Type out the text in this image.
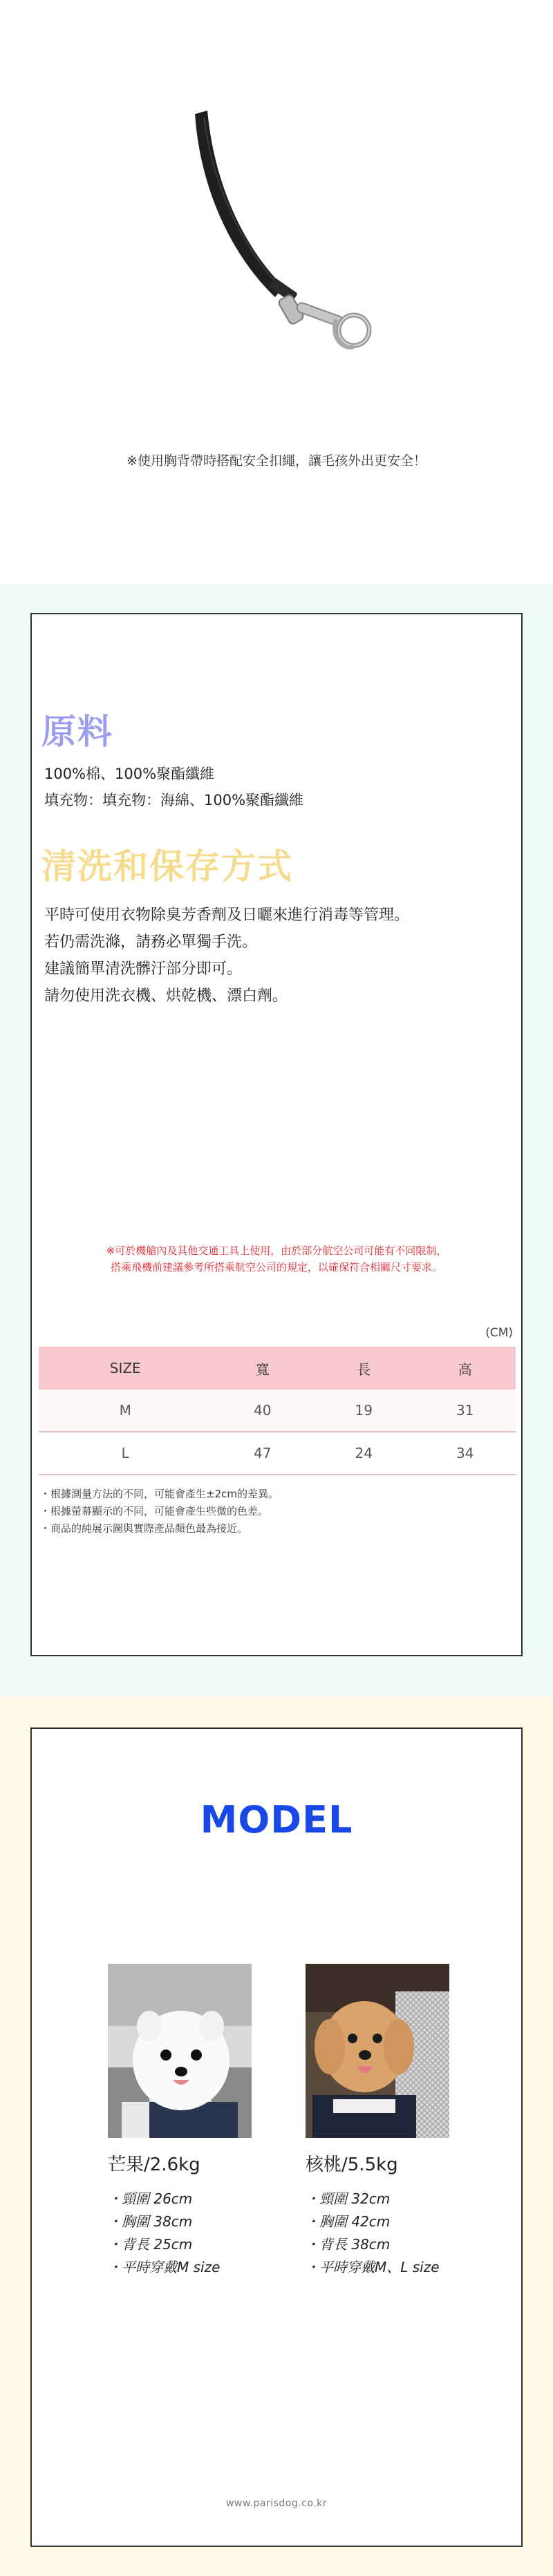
※使用胸背帶時搭配安全扣繩，讓毛孩外出更安全！
原料
100%棉、100%聚酯纖維
填充物：填充物：海綿、100%聚酯纖維
清洗和保存方式
平時可使用衣物除臭芳香劑及日曬來進行消毒等管理。
若仍需洗滌，請務必單獨手洗。
建議簡單清洗髒汙部分即可。
請勿使用洗衣機、烘乾機、漂白劑。
※可於機艙內及其他交通工具上使用，由於部分航空公司可能有不同限制，
搭乘飛機前建議參考所搭乘航空公司的規定，以確保符合相關尺寸要求。
(CM)
SIZE	寬	長	高
M	40	19	31
L	47	24	34
・根據測量方法的不同，可能會產生±2cm的差異。
・根據螢幕顯示的不同，可能會產生些微的色差。
・商品的純展示圖與實際產品顏色最為接近。
MODEL
芒果/2.6kg
・頸圍 26cm
・胸圍 38cm
・背長 25cm
・平時穿戴M size
核桃/5.5kg
・頸圍 32cm
・胸圍 42cm
・背長 38cm
・平時穿戴M、L size
www.parisdog.co.kr
